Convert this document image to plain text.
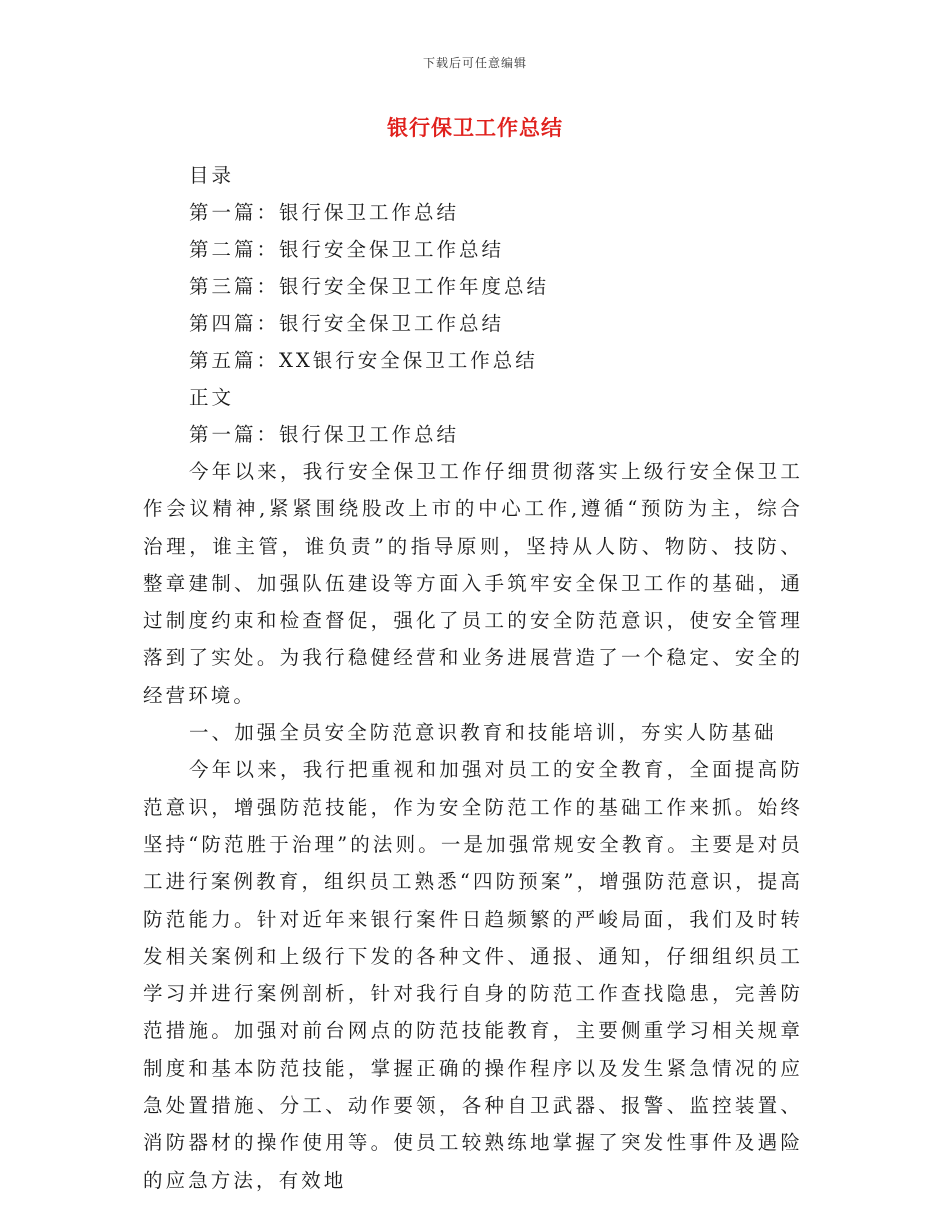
下载后可任意编辑
银行保卫工作总结
目录
第一篇：银行保卫工作总结
第二篇：银行安全保卫工作总结
第三篇：银行安全保卫工作年度总结
第四篇：银行安全保卫工作总结
第五篇：XX银行安全保卫工作总结
正文
第一篇：银行保卫工作总结

今年以来，我行安全保卫工作仔细贯彻落实上级行安全保卫工作会议精神,紧紧围绕股改上市的中心工作,遵循“预防为主，综合治理，谁主管，谁负责”的指导原则，坚持从人防、物防、技防、整章建制、加强队伍建设等方面入手筑牢安全保卫工作的基础，通过制度约束和检查督促，强化了员工的安全防范意识，使安全管理落到了实处。为我行稳健经营和业务进展营造了一个稳定、安全的经营环境。

一、加强全员安全防范意识教育和技能培训，夯实人防基础

今年以来，我行把重视和加强对员工的安全教育，全面提高防范意识，增强防范技能，作为安全防范工作的基础工作来抓。始终坚持“防范胜于治理”的法则。一是加强常规安全教育。主要是对员工进行案例教育，组织员工熟悉“四防预案”，增强防范意识，提高防范能力。针对近年来银行案件日趋频繁的严峻局面，我们及时转发相关案例和上级行下发的各种文件、通报、通知，仔细组织员工学习并进行案例剖析，针对我行自身的防范工作查找隐患，完善防范措施。加强对前台网点的防范技能教育，主要侧重学习相关规章制度和基本防范技能，掌握正确的操作程序以及发生紧急情况的应急处置措施、分工、动作要领，各种自卫武器、报警、监控装置、消防器材的操作使用等。使员工较熟练地掌握了突发性事件及遇险的应急方法，有效地
